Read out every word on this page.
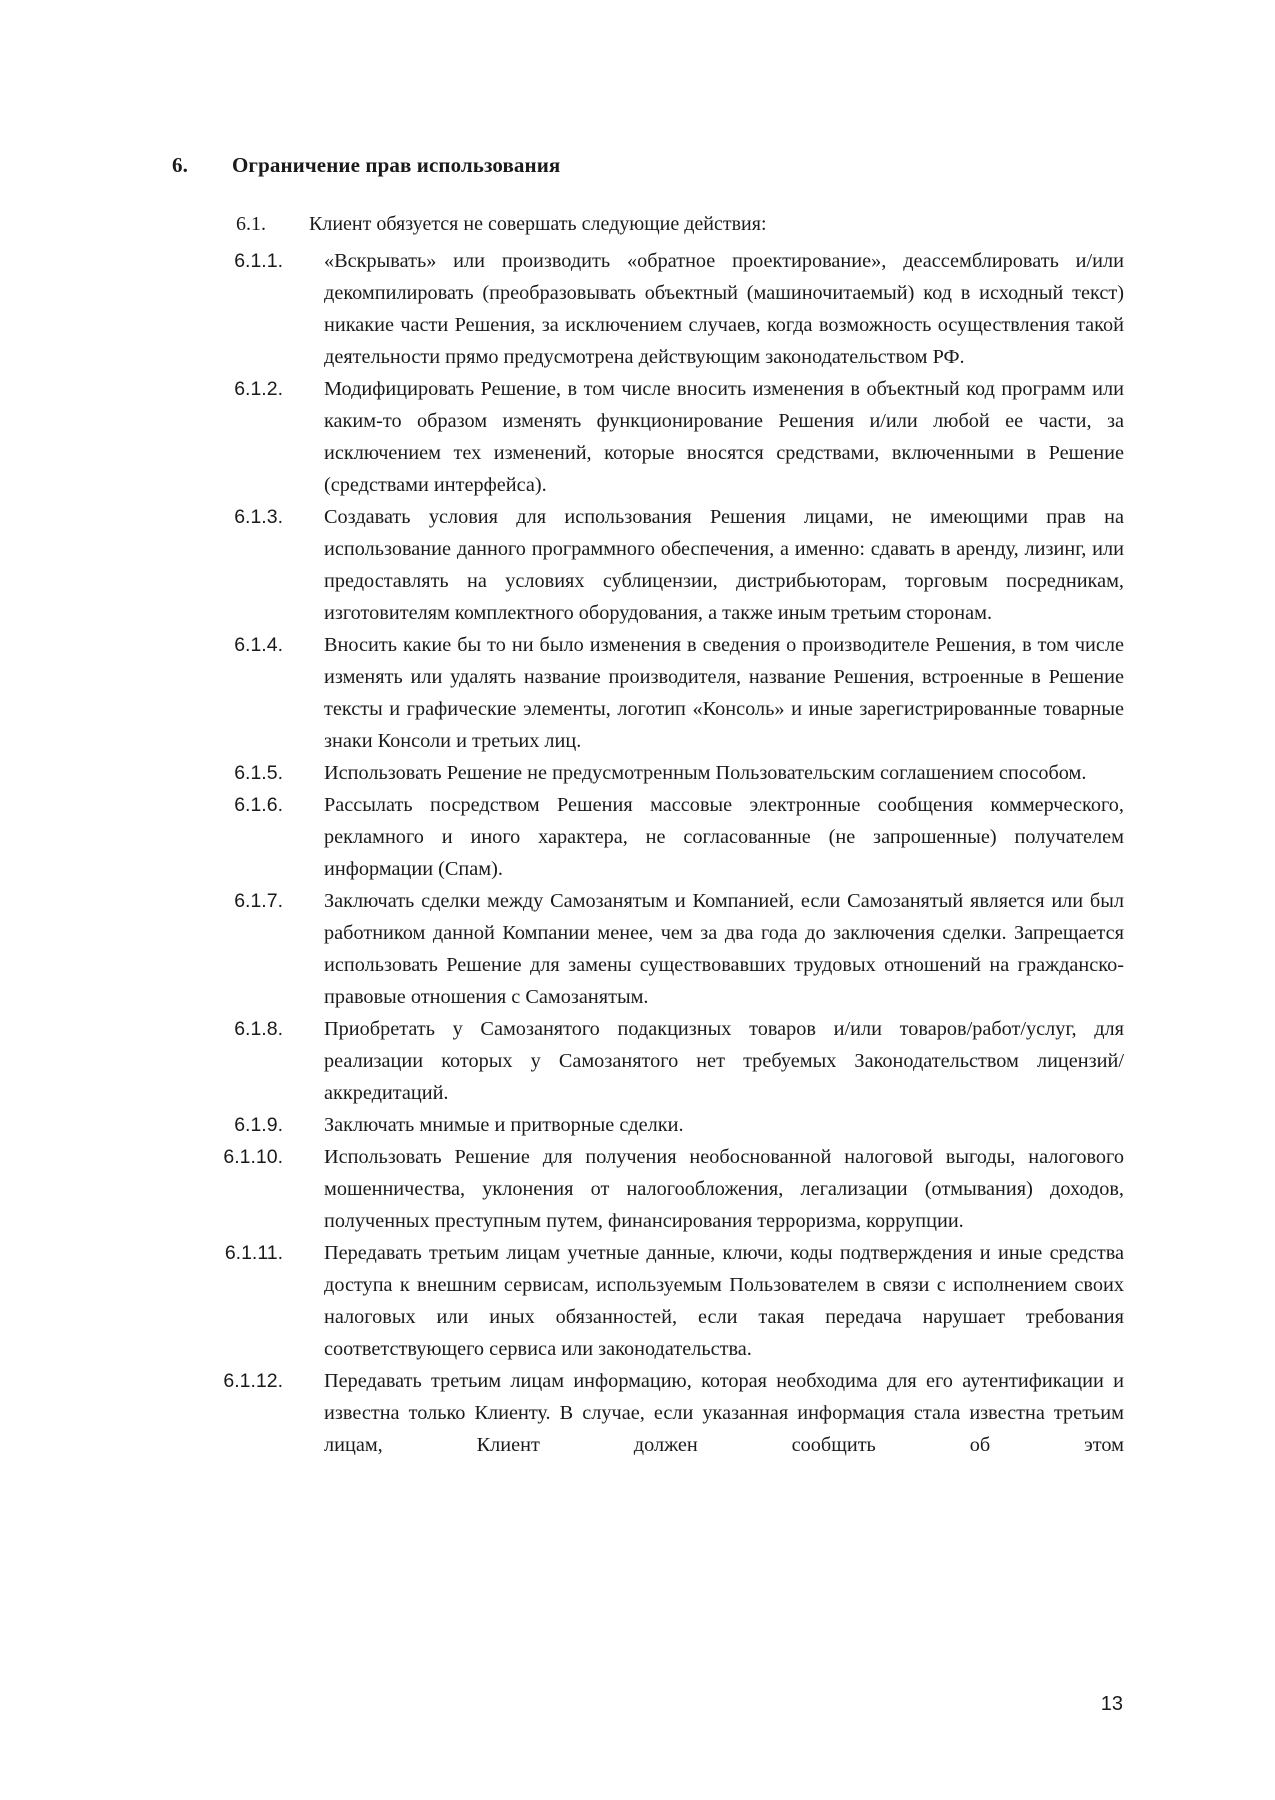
6. Ограничение прав использования
6.1. Клиент обязуется не совершать следующие действия:
6.1.1. «Вскрывать» или производить «обратное проектирование», деассемблировать и/или декомпилировать (преобразовывать объектный (машиночитаемый) код в исходный текст) никакие части Решения, за исключением случаев, когда возможность осуществления такой деятельности прямо предусмотрена действующим законодательством РФ.
6.1.2. Модифицировать Решение, в том числе вносить изменения в объектный код программ или каким-то образом изменять функционирование Решения и/или любой ее части, за исключением тех изменений, которые вносятся средствами, включенными в Решение (средствами интерфейса).
6.1.3. Создавать условия для использования Решения лицами, не имеющими прав на использование данного программного обеспечения, а именно: сдавать в аренду, лизинг, или предоставлять на условиях сублицензии, дистрибьюторам, торговым посредникам, изготовителям комплектного оборудования, а также иным третьим сторонам.
6.1.4. Вносить какие бы то ни было изменения в сведения о производителе Решения, в том числе изменять или удалять название производителя, название Решения, встроенные в Решение тексты и графические элементы, логотип «Консоль» и иные зарегистрированные товарные знаки Консоли и третьих лиц.
6.1.5. Использовать Решение не предусмотренным Пользовательским соглашением способом.
6.1.6. Рассылать посредством Решения массовые электронные сообщения коммерческого, рекламного и иного характера, не согласованные (не запрошенные) получателем информации (Спам).
6.1.7. Заключать сделки между Самозанятым и Компанией, если Самозанятый является или был работником данной Компании менее, чем за два года до заключения сделки. Запрещается использовать Решение для замены существовавших трудовых отношений на гражданско-правовые отношения с Самозанятым.
6.1.8. Приобретать у Самозанятого подакцизных товаров и/или товаров/работ/услуг, для реализации которых у Самозанятого нет требуемых Законодательством лицензий/аккредитаций.
6.1.9. Заключать мнимые и притворные сделки.
6.1.10. Использовать Решение для получения необоснованной налоговой выгоды, налогового мошенничества, уклонения от налогообложения, легализации (отмывания) доходов, полученных преступным путем, финансирования терроризма, коррупции.
6.1.11. Передавать третьим лицам учетные данные, ключи, коды подтверждения и иные средства доступа к внешним сервисам, используемым Пользователем в связи с исполнением своих налоговых или иных обязанностей, если такая передача нарушает требования соответствующего сервиса или законодательства.
6.1.12. Передавать третьим лицам информацию, которая необходима для его аутентификации и известна только Клиенту. В случае, если указанная информация стала известна третьим лицам, Клиент должен сообщить об этом
13
